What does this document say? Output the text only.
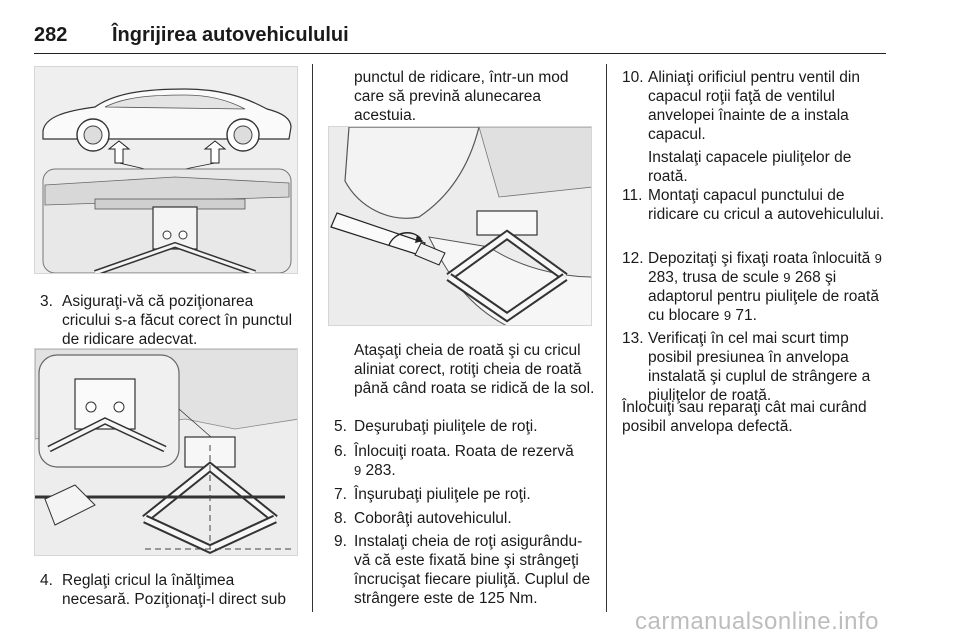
282 Îngrijirea autovehiculului
3. Asiguraţi-vă că poziţionarea cricului s-a făcut corect în punctul de ridicare adecvat.
4. Reglaţi cricul la înălţimea necesară. Poziţionaţi-l direct sub
punctul de ridicare, într-un mod care să prevină alunecarea acestuia.
Ataşaţi cheia de roată şi cu cricul aliniat corect, rotiţi cheia de roată până când roata se ridică de la sol.
5. Deşurubaţi piuliţele de roţi.
6. Înlocuiţi roata. Roata de rezervă
9 283.
7. Înşurubaţi piuliţele pe roţi.
8. Coborâţi autovehiculul.
9. Instalaţi cheia de roţi asigurându-vă că este fixată bine şi strângeţi încrucişat fiecare piuliţă. Cuplul de strângere este de 125 Nm.
10. Aliniaţi orificiul pentru ventil din capacul roţii faţă de ventilul anvelopei înainte de a instala capacul.
Instalaţi capacele piuliţelor de roată.
11. Montaţi capacul punctului de ridicare cu cricul a autovehiculului.
12. Depozitaţi şi fixaţi roata înlocuită 9 283, trusa de scule 9 268 şi adaptorul pentru piuliţele de roată cu blocare 9 71.
13. Verificaţi în cel mai scurt timp posibil presiunea în anvelopa instalată şi cuplul de strângere a piuliţelor de roată.
Înlocuiţi sau reparaţi cât mai curând posibil anvelopa defectă.
carmanualsonline.info
